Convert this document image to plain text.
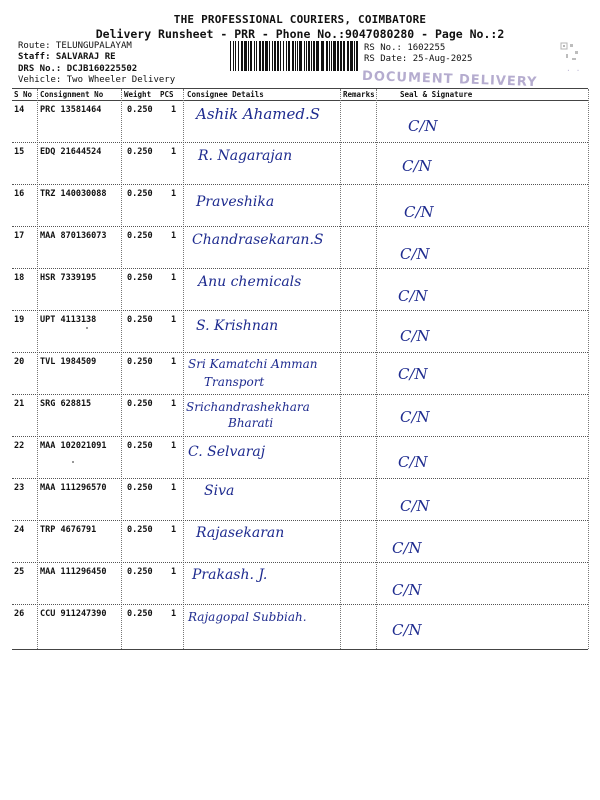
THE PROFESSIONAL COURIERS, COIMBATORE
Delivery Runsheet - PRR - Phone No.:9047080280 - Page No.:2
Route: TELUNGUPALAYAM
Staff: SALVARAJ RE
DRS No.: DCJB160225502
Vehicle: Two Wheeler Delivery
RS No.: 1602255
RS Date: 25-Aug-2025
DOCUMENT DELIVERY	· ·
S No Consignment No	Weight PCS Consignee Details	Remarks	Seal & Signature
14 PRC 13581464	0.250 1 Ashik Ahamed.S
C/N
15 EDQ 21644524	0.250 1 R. Nagarajan
C/N
16 TRZ 140030088 0.250 1 Praveshika
C/N
17 MAA 870136073 0.250 1 Chandrasekaran.S
C/N
18 HSR 7339195	0.250 1 Anu chemicals
C/N
19 UPT 4113138	0.250 1 S. Krishnan
C/N
20 TVL 1984509	0.250 1 Sri Kamatchi Amman
Transport	C/N
21 SRG 628815	0.250 1 Srichandrashekhara
Bharati	C/N
22 MAA 102021091 0.250 1 C. Selvaraj
C/N
23 MAA 111296570 0.250 1 Siva
C/N
24 TRP 4676791	0.250 1 Rajasekaran
C/N
25 MAA 111296450 0.250 1 Prakash. J.
C/N
26 CCU 911247390 0.250 1 Rajagopal Subbiah.
C/N
